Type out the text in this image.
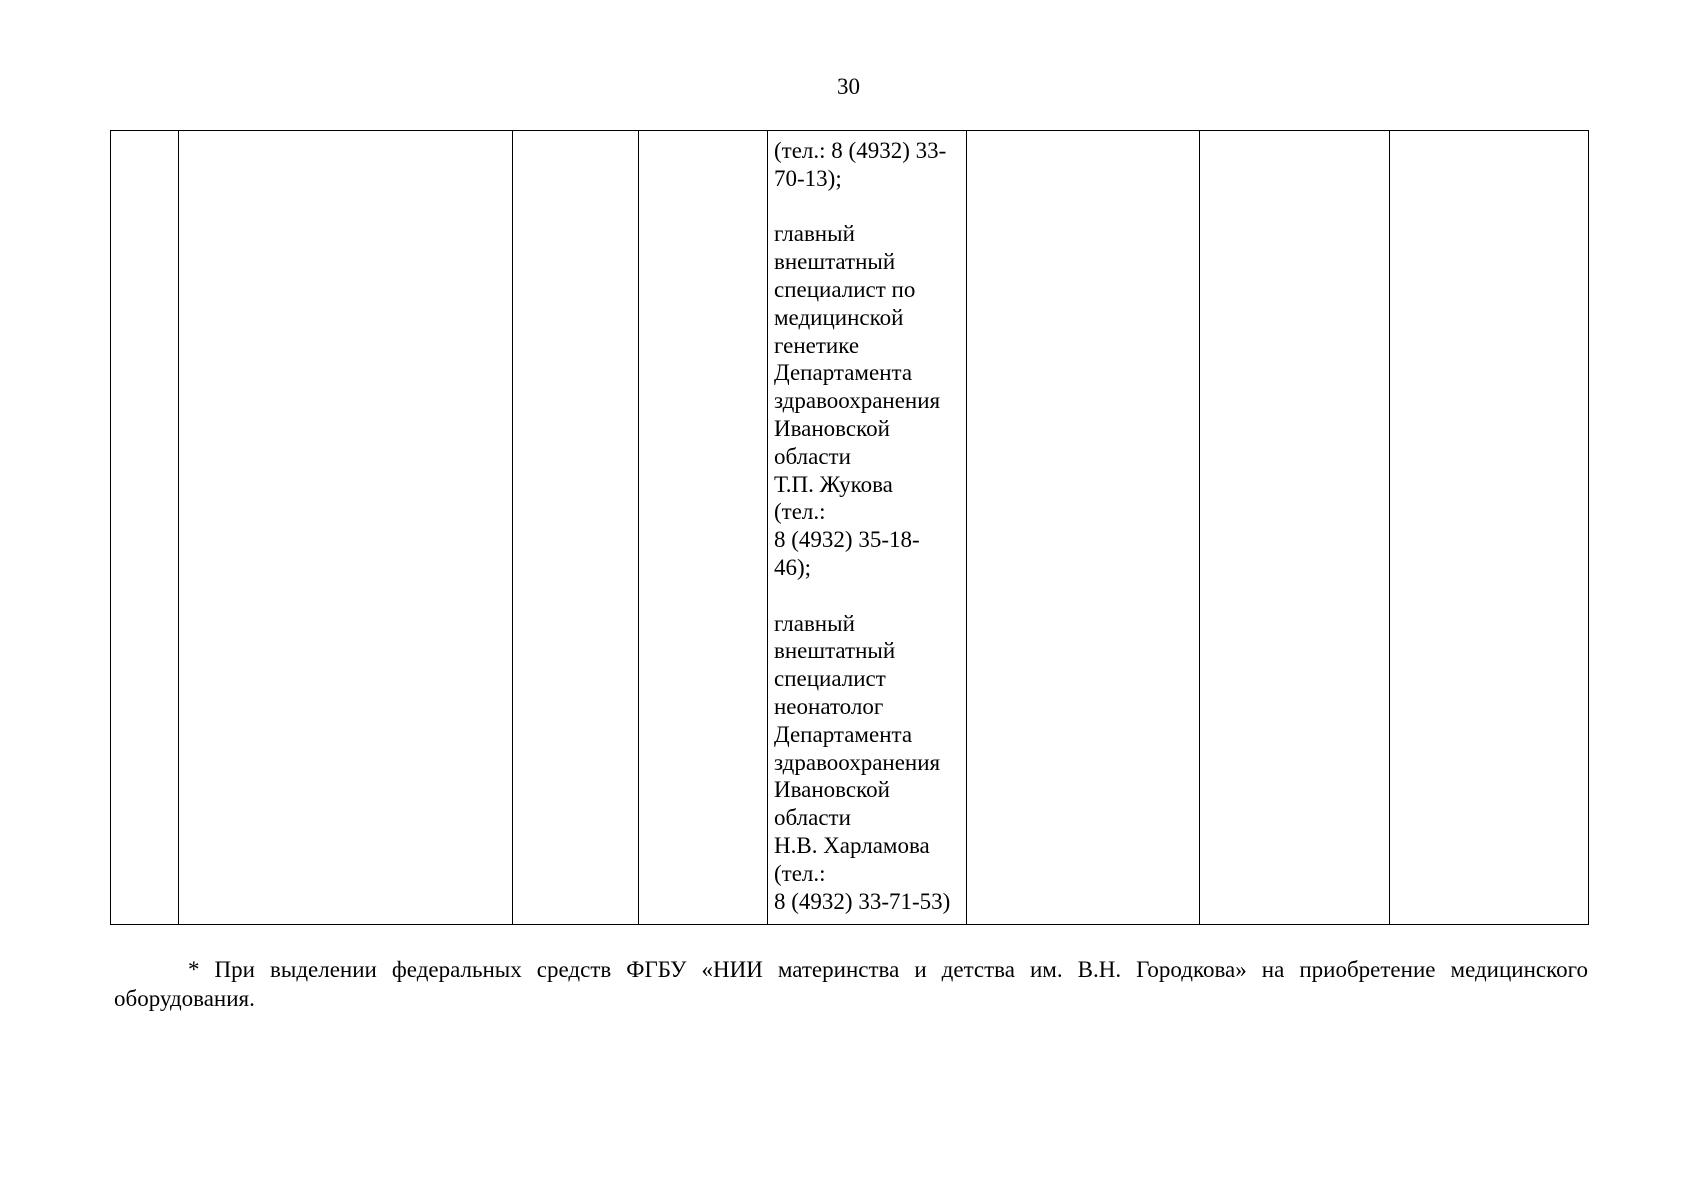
30

(тел.: 8 (4932) 33-
70-13);
главный
внештатный
специалист по
медицинской
генетике
Департамента
здравоохранения
Ивановской
области
Т.П. Жукова
(тел.:
8 (4932) 35-18-
46);
главный
внештатный
специалист
неонатолог
Департамента
здравоохранения
Ивановской
области
Н.В. Харламова
(тел.:
8 (4932) 33-71-53)

* При выделении федеральных средств ФГБУ «НИИ материнства и детства им. В.Н. Городкова» на приобретение медицинского оборудования.
